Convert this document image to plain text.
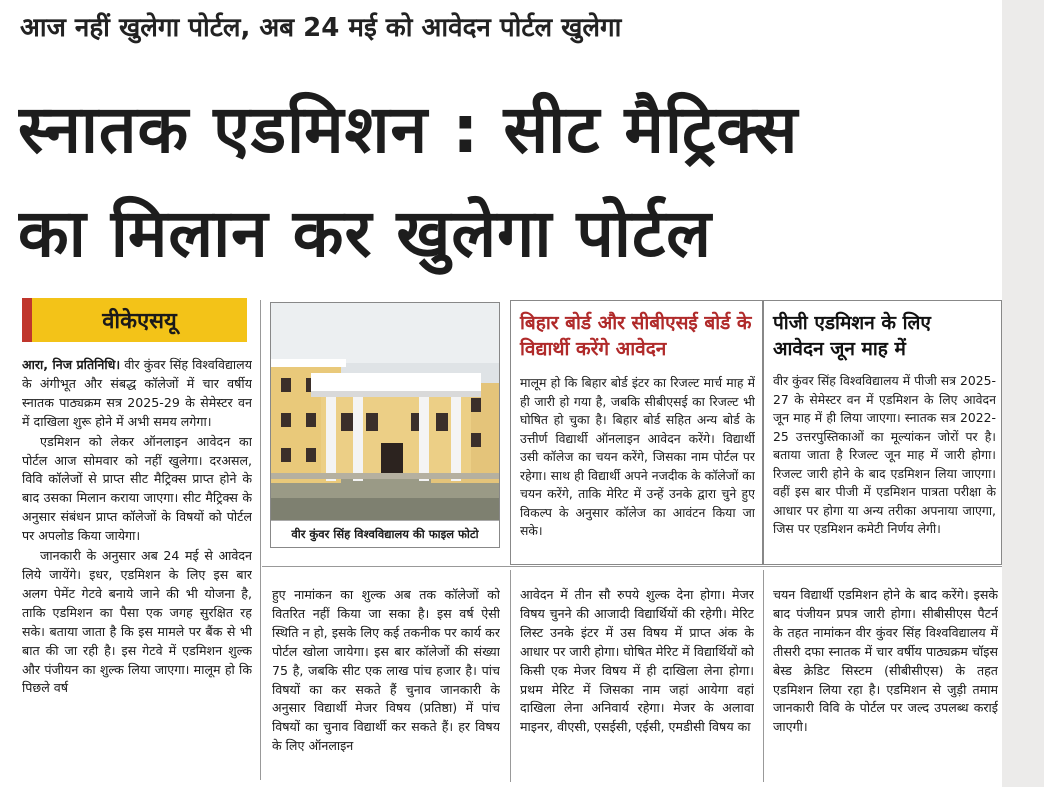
आज नहीं खुलेगा पोर्टल, अब 24 मई को आवेदन पोर्टल खुलेगा
स्नातक एडमिशन : सीट मैट्रिक्स
का मिलान कर खुलेगा पोर्टल
वीकेएसयू

आरा, निज प्रतिनिधि। वीर कुंवर सिंह विश्वविद्यालय के अंगीभूत और संबद्ध कॉलेजों में चार वर्षीय स्नातक पाठ्यक्रम सत्र 2025-29 के सेमेस्टर वन में दाखिला शुरू होने में अभी समय लगेगा।

एडमिशन को लेकर ऑनलाइन आवेदन का पोर्टल आज सोमवार को नहीं खुलेगा। दरअसल, विवि कॉलेजों से प्राप्त सीट मैट्रिक्स प्राप्त होने के बाद उसका मिलान कराया जाएगा। सीट मैट्रिक्स के अनुसार संबंधन प्राप्त कॉलेजों के विषयों को पोर्टल पर अपलोड किया जायेगा।

जानकारी के अनुसार अब 24 मई से आवेदन लिये जायेंगे। इधर, एडमिशन के लिए इस बार अलग पेमेंट गेटवे बनाये जाने की भी योजना है, ताकि एडमिशन का पैसा एक जगह सुरक्षित रह सके। बताया जाता है कि इस मामले पर बैंक से भी बात की जा रही है। इस गेटवे में एडमिशन शुल्क और पंजीयन का शुल्क लिया जाएगा। मालूम हो कि पिछले वर्ष

वीर कुंवर सिंह विश्वविद्यालय की फाइल फोटो
बिहार बोर्ड और सीबीएसई बोर्ड के विद्यार्थी करेंगे आवेदन

मालूम हो कि बिहार बोर्ड इंटर का रिजल्ट मार्च माह में ही जारी हो गया है, जबकि सीबीएसई का रिजल्ट भी घोषित हो चुका है। बिहार बोर्ड सहित अन्य बोर्ड के उत्तीर्ण विद्यार्थी ऑनलाइन आवेदन करेंगे। विद्यार्थी उसी कॉलेज का चयन करेंगे, जिसका नाम पोर्टल पर रहेगा। साथ ही विद्यार्थी अपने नजदीक के कॉलेजों का चयन करेंगे, ताकि मेरिट में उन्हें उनके द्वारा चुने हुए विकल्प के अनुसार कॉलेज का आवंटन किया जा सके।

पीजी एडमिशन के लिए आवेदन जून माह में

वीर कुंवर सिंह विश्वविद्यालय में पीजी सत्र 2025-27 के सेमेस्टर वन में एडमिशन के लिए आवेदन जून माह में ही लिया जाएगा। स्नातक सत्र 2022-25 उत्तरपुस्तिकाओं का मूल्यांकन जोरों पर है। बताया जाता है रिजल्ट जून माह में जारी होगा। रिजल्ट जारी होने के बाद एडमिशन लिया जाएगा। वहीं इस बार पीजी में एडमिशन पात्रता परीक्षा के आधार पर होगा या अन्य तरीका अपनाया जाएगा, जिस पर एडमिशन कमेटी निर्णय लेगी।

हुए नामांकन का शुल्क अब तक कॉलेजों को वितरित नहीं किया जा सका है। इस वर्ष ऐसी स्थिति न हो, इसके लिए कई तकनीक पर कार्य कर पोर्टल खोला जायेगा। इस बार कॉलेजों की संख्या 75 है, जबकि सीट एक लाख पांच हजार है। पांच विषयों का कर सकते हैं चुनाव जानकारी के अनुसार विद्यार्थी मेजर विषय (प्रतिष्ठा) में पांच विषयों का चुनाव विद्यार्थी कर सकते हैं। हर विषय के लिए ऑनलाइन

आवेदन में तीन सौ रुपये शुल्क देना होगा। मेजर विषय चुनने की आजादी विद्यार्थियों की रहेगी। मेरिट लिस्ट उनके इंटर में उस विषय में प्राप्त अंक के आधार पर जारी होगा। घोषित मेरिट में विद्यार्थियों को किसी एक मेजर विषय में ही दाखिला लेना होगा। प्रथम मेरिट में जिसका नाम जहां आयेगा वहां दाखिला लेना अनिवार्य रहेगा। मेजर के अलावा माइनर, वीएसी, एसईसी, एईसी, एमडीसी विषय का

चयन विद्यार्थी एडमिशन होने के बाद करेंगे। इसके बाद पंजीयन प्रपत्र जारी होगा। सीबीसीएस पैटर्न के तहत नामांकन वीर कुंवर सिंह विश्वविद्यालय में तीसरी दफा स्नातक में चार वर्षीय पाठ्यक्रम चॉइस बेस्ड क्रेडिट सिस्टम (सीबीसीएस) के तहत एडमिशन लिया रहा है। एडमिशन से जुड़ी तमाम जानकारी विवि के पोर्टल पर जल्द उपलब्ध कराई जाएगी।
